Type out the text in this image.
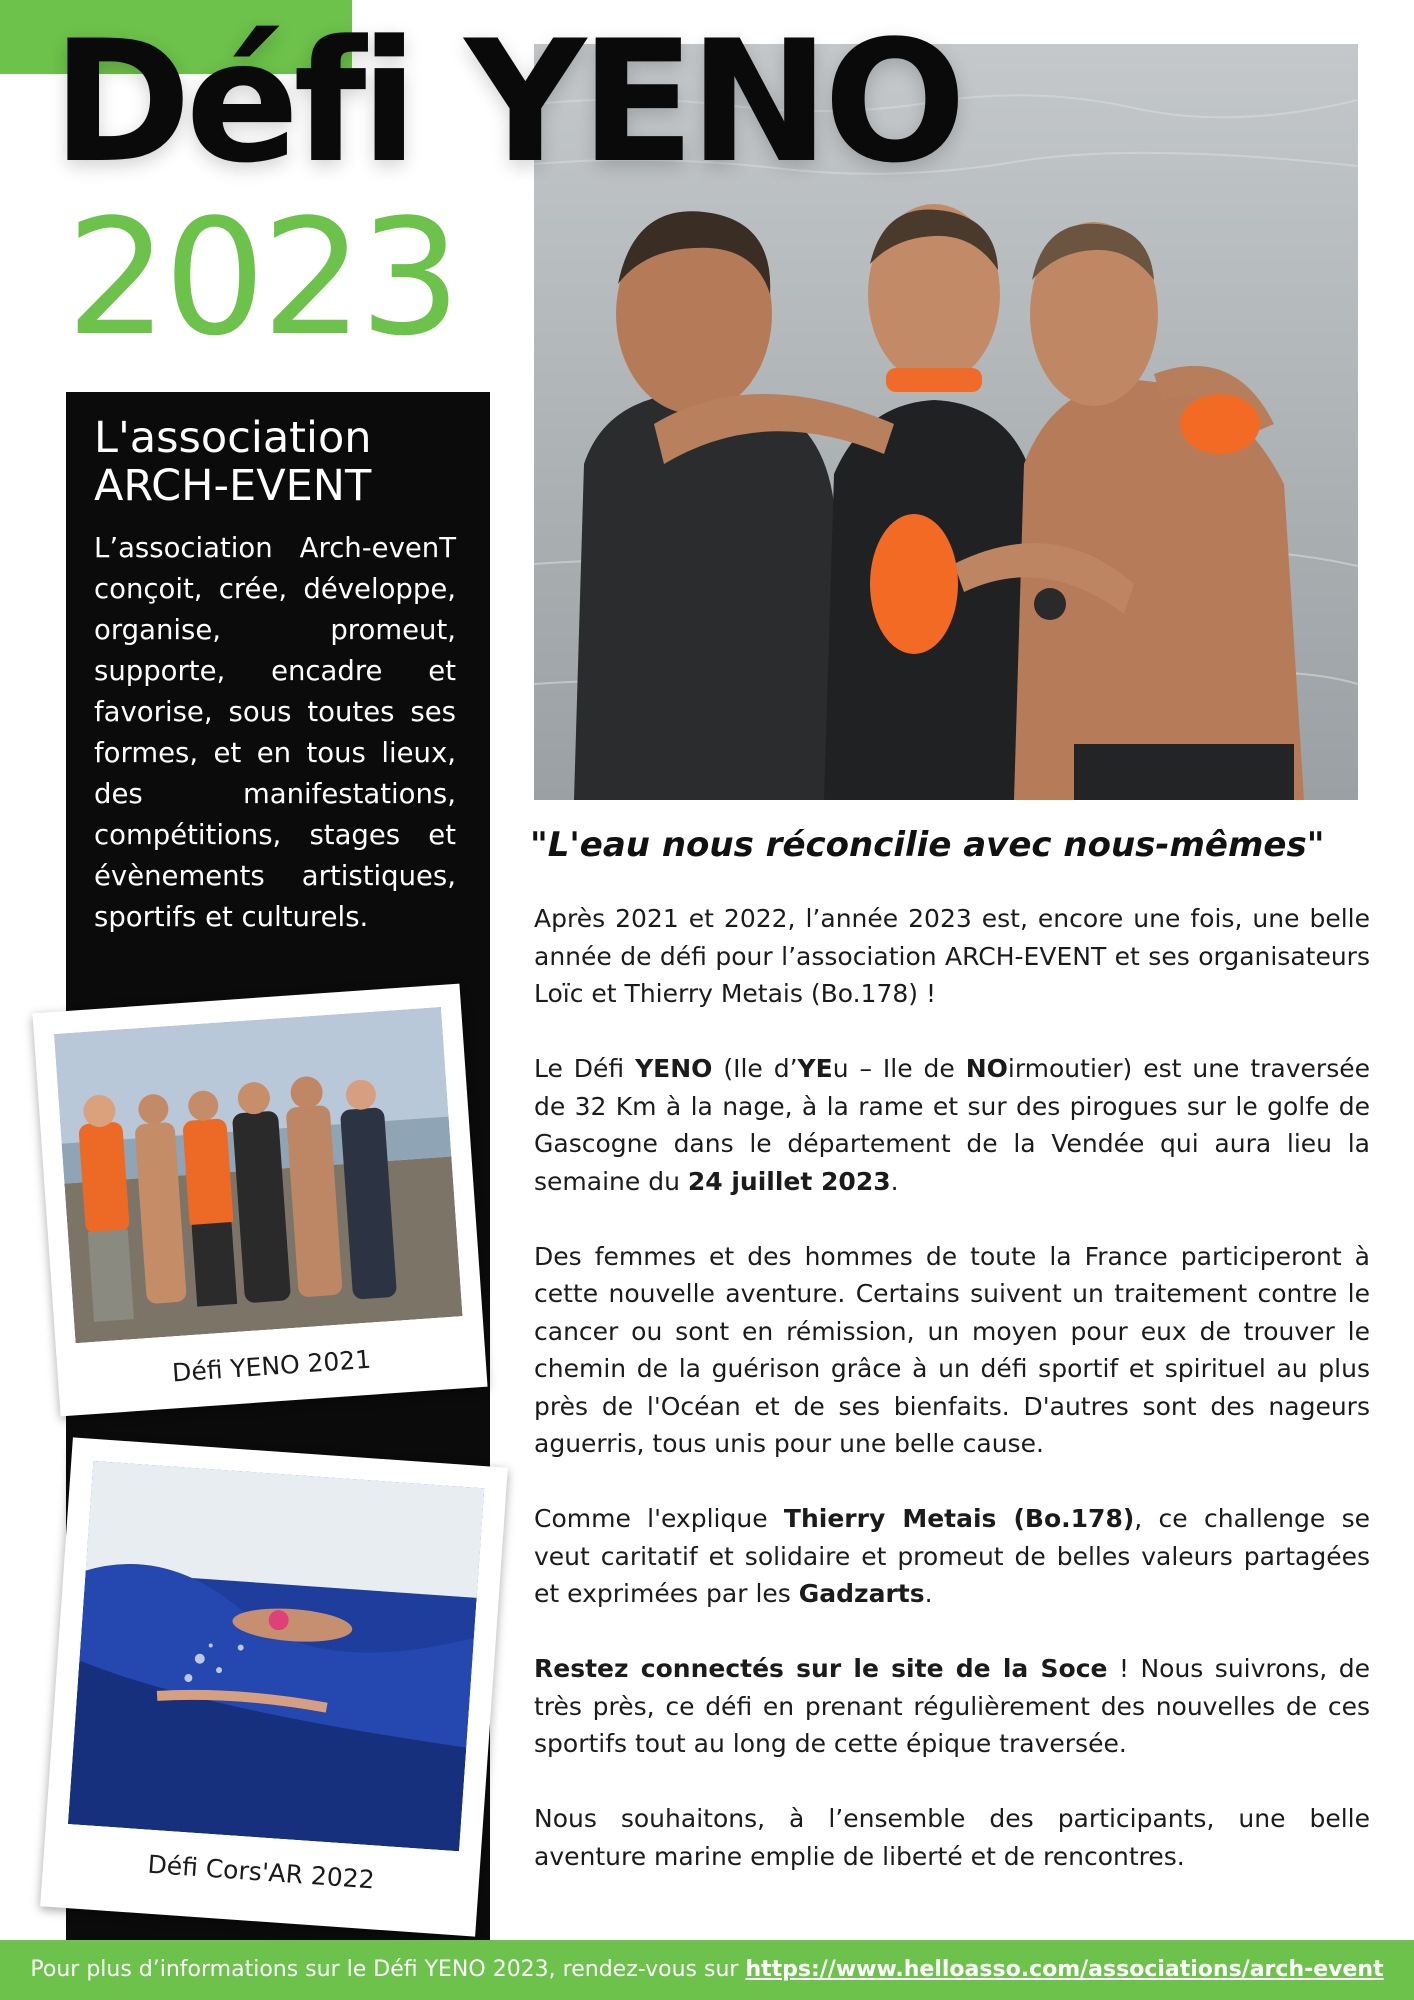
Défi YENO
2023
L'association
ARCH-EVENT
L’association Arch-evenT conçoit, crée, développe, organise, promeut, supporte, encadre et favorise, sous toutes ses formes, et en tous lieux, des manifestations, compétitions, stages et évènements artistiques, sportifs et culturels.
Défi YENO 2021
Défi Cors'AR 2022
"L'eau nous réconcilie avec nous-mêmes"

Après 2021 et 2022, l’année 2023 est, encore une fois, une belle année de défi pour l’association ARCH-EVENT et ses organisateurs Loïc et Thierry Metais (Bo.178) !

Le Défi YENO (Ile d’YEu – Ile de NOirmoutier) est une traversée de 32 Km à la nage, à la rame et sur des pirogues sur le golfe de Gascogne dans le département de la Vendée qui aura lieu la semaine du 24 juillet 2023.

Des femmes et des hommes de toute la France participeront à cette nouvelle aventure. Certains suivent un traitement contre le cancer ou sont en rémission, un moyen pour eux de trouver le chemin de la guérison grâce à un défi sportif et spirituel au plus près de l'Océan et de ses bienfaits. D'autres sont des nageurs aguerris, tous unis pour une belle cause.

Comme l'explique Thierry Metais (Bo.178), ce challenge se veut caritatif et solidaire et promeut de belles valeurs partagées et exprimées par les Gadzarts.

Restez connectés sur le site de la Soce ! Nous suivrons, de très près, ce défi en prenant régulièrement des nouvelles de ces sportifs tout au long de cette épique traversée.

Nous souhaitons, à l’ensemble des participants, une belle aventure marine emplie de liberté et de rencontres.

Pour plus d’informations sur le Défi YENO 2023, rendez-vous sur https://www.helloasso.com/associations/arch-event
